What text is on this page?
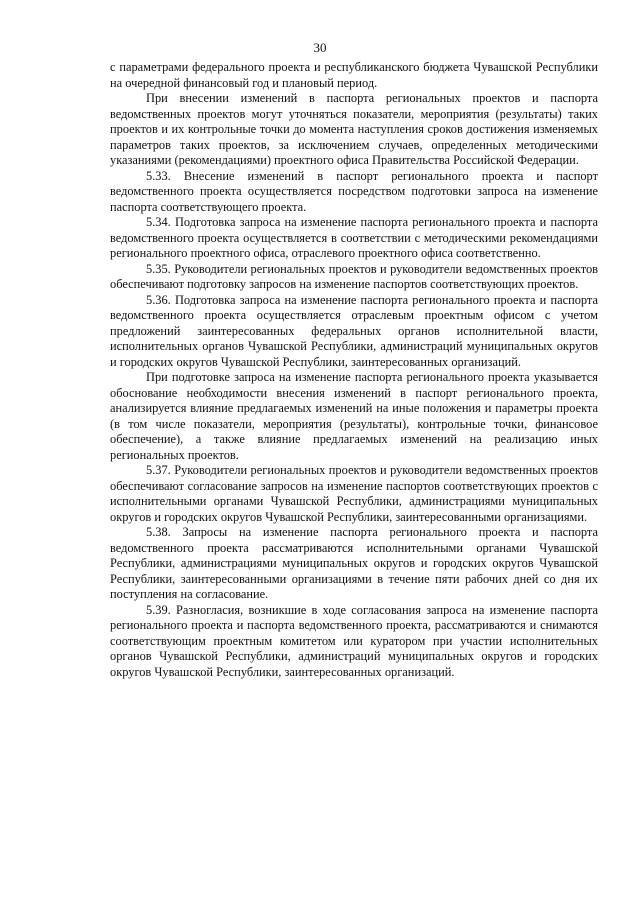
30

с параметрами федерального проекта и республиканского бюджета Чувашской Республики на очередной финансовый год и плановый период.

При внесении изменений в паспорта региональных проектов и паспорта ведомственных проектов могут уточняться показатели, мероприятия (результаты) таких проектов и их контрольные точки до момента наступления сроков достижения изменяемых параметров таких проектов, за исключением случаев, определенных методическими указаниями (рекомендациями) проектного офиса Правительства Российской Федерации.

5.33. Внесение изменений в паспорт регионального проекта и паспорт ведомственного проекта осуществляется посредством подготовки запроса на изменение паспорта соответствующего проекта.

5.34. Подготовка запроса на изменение паспорта регионального проекта и паспорта ведомственного проекта осуществляется в соответствии с методическими рекомендациями регионального проектного офиса, отраслевого проектного офиса соответственно.

5.35. Руководители региональных проектов и руководители ведомственных проектов обеспечивают подготовку запросов на изменение паспортов соответствующих проектов.

5.36. Подготовка запроса на изменение паспорта регионального проекта и паспорта ведомственного проекта осуществляется отраслевым проектным офисом с учетом предложений заинтересованных федеральных органов исполнительной власти, исполнительных органов Чувашской Республики, администраций муниципальных округов и городских округов Чувашской Республики, заинтересованных организаций.

При подготовке запроса на изменение паспорта регионального проекта указывается обоснование необходимости внесения изменений в паспорт регионального проекта, анализируется влияние предлагаемых изменений на иные положения и параметры проекта (в том числе показатели, мероприятия (результаты), контрольные точки, финансовое обеспечение), а также влияние предлагаемых изменений на реализацию иных региональных проектов.

5.37. Руководители региональных проектов и руководители ведомственных проектов обеспечивают согласование запросов на изменение паспортов соответствующих проектов с исполнительными органами Чувашской Республики, администрациями муниципальных округов и городских округов Чувашской Республики, заинтересованными организациями.

5.38. Запросы на изменение паспорта регионального проекта и паспорта ведомственного проекта рассматриваются исполнительными органами Чувашской Республики, администрациями муниципальных округов и городских округов Чувашской Республики, заинтересованными организациями в течение пяти рабочих дней со дня их поступления на согласование.

5.39. Разногласия, возникшие в ходе согласования запроса на изменение паспорта регионального проекта и паспорта ведомственного проекта, рассматриваются и снимаются соответствующим проектным комитетом или куратором при участии исполнительных органов Чувашской Республики, администраций муниципальных округов и городских округов Чувашской Республики, заинтересованных организаций.
